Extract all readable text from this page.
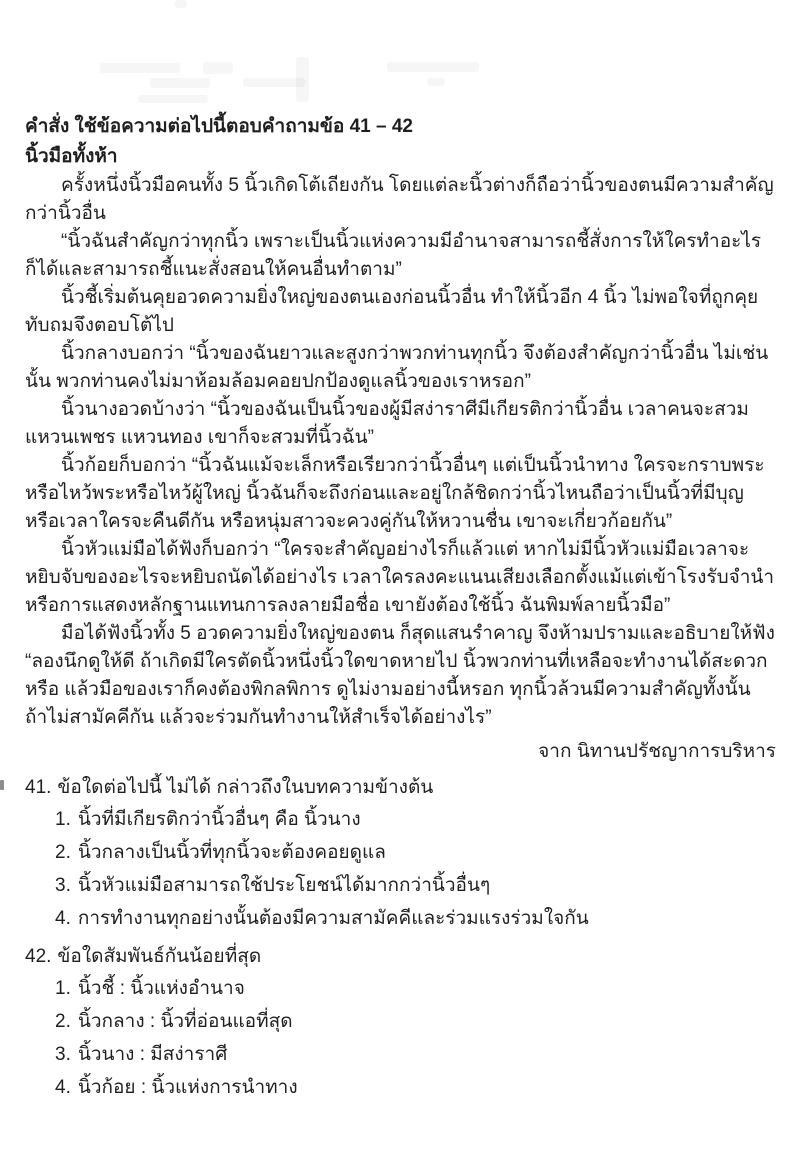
คำสั่ง ใช้ข้อความต่อไปนี้ตอบคำถามข้อ 41 – 42
นิ้วมือทั้งห้า

ครั้งหนึ่งนิ้วมือคนทั้ง 5 นิ้วเกิดโต้เถียงกัน โดยแต่ละนิ้วต่างก็ถือว่านิ้วของตนมีความสำคัญกว่านิ้วอื่น

“นิ้วฉันสำคัญกว่าทุกนิ้ว เพราะเป็นนิ้วแห่งความมีอำนาจสามารถชี้สั่งการให้ใครทำอะไรก็ได้และสามารถชี้แนะสั่งสอนให้คนอื่นทำตาม”

นิ้วชี้เริ่มต้นคุยอวดความยิ่งใหญ่ของตนเองก่อนนิ้วอื่น ทำให้นิ้วอีก 4 นิ้ว ไม่พอใจที่ถูกคุยทับถมจึงตอบโต้ไป

นิ้วกลางบอกว่า “นิ้วของฉันยาวและสูงกว่าพวกท่านทุกนิ้ว จึงต้องสำคัญกว่านิ้วอื่น ไม่เช่นนั้น พวกท่านคงไม่มาห้อมล้อมคอยปกป้องดูแลนิ้วของเราหรอก”

นิ้วนางอวดบ้างว่า “นิ้วของฉันเป็นนิ้วของผู้มีสง่าราศีมีเกียรติกว่านิ้วอื่น เวลาคนจะสวมแหวนเพชร แหวนทอง เขาก็จะสวมที่นิ้วฉัน”

นิ้วก้อยก็บอกว่า “นิ้วฉันแม้จะเล็กหรือเรียวกว่านิ้วอื่นๆ แต่เป็นนิ้วนำทาง ใครจะกราบพระหรือไหว้พระหรือไหว้ผู้ใหญ่ นิ้วฉันก็จะถึงก่อนและอยู่ใกล้ชิดกว่านิ้วไหนถือว่าเป็นนิ้วที่มีบุญ หรือเวลาใครจะคืนดีกัน หรือหนุ่มสาวจะควงคู่กันให้หวานชื่น เขาจะเกี่ยวก้อยกัน”

นิ้วหัวแม่มือได้ฟังก็บอกว่า “ใครจะสำคัญอย่างไรก็แล้วแต่ หากไม่มีนิ้วหัวแม่มือเวลาจะหยิบจับของอะไรจะหยิบถนัดได้อย่างไร เวลาใครลงคะแนนเสียงเลือกตั้งแม้แต่เข้าโรงรับจำนำ หรือการแสดงหลักฐานแทนการลงลายมือชื่อ เขายังต้องใช้นิ้ว ฉันพิมพ์ลายนิ้วมือ”

มือได้ฟังนิ้วทั้ง 5 อวดความยิ่งใหญ่ของตน ก็สุดแสนรำคาญ จึงห้ามปรามและอธิบายให้ฟัง “ลองนึกดูให้ดี ถ้าเกิดมีใครตัดนิ้วหนึ่งนิ้วใดขาดหายไป นิ้วพวกท่านที่เหลือจะทำงานได้สะดวกหรือ แล้วมือของเราก็คงต้องพิกลพิการ ดูไม่งามอย่างนี้หรอก ทุกนิ้วล้วนมีความสำคัญทั้งนั้น ถ้าไม่สามัคคีกัน แล้วจะร่วมกันทำงานให้สำเร็จได้อย่างไร”

จาก นิทานปรัชญาการบริหาร
41. ข้อใดต่อไปนี้ ไม่ได้ กล่าวถึงในบทความข้างต้น
1. นิ้วที่มีเกียรติกว่านิ้วอื่นๆ คือ นิ้วนาง
2. นิ้วกลางเป็นนิ้วที่ทุกนิ้วจะต้องคอยดูแล
3. นิ้วหัวแม่มือสามารถใช้ประโยชน์ได้มากกว่านิ้วอื่นๆ
4. การทำงานทุกอย่างนั้นต้องมีความสามัคคีและร่วมแรงร่วมใจกัน
42. ข้อใดสัมพันธ์กันน้อยที่สุด
1. นิ้วชี้ : นิ้วแห่งอำนาจ
2. นิ้วกลาง : นิ้วที่อ่อนแอที่สุด
3. นิ้วนาง : มีสง่าราศี
4. นิ้วก้อย : นิ้วแห่งการนำทาง
